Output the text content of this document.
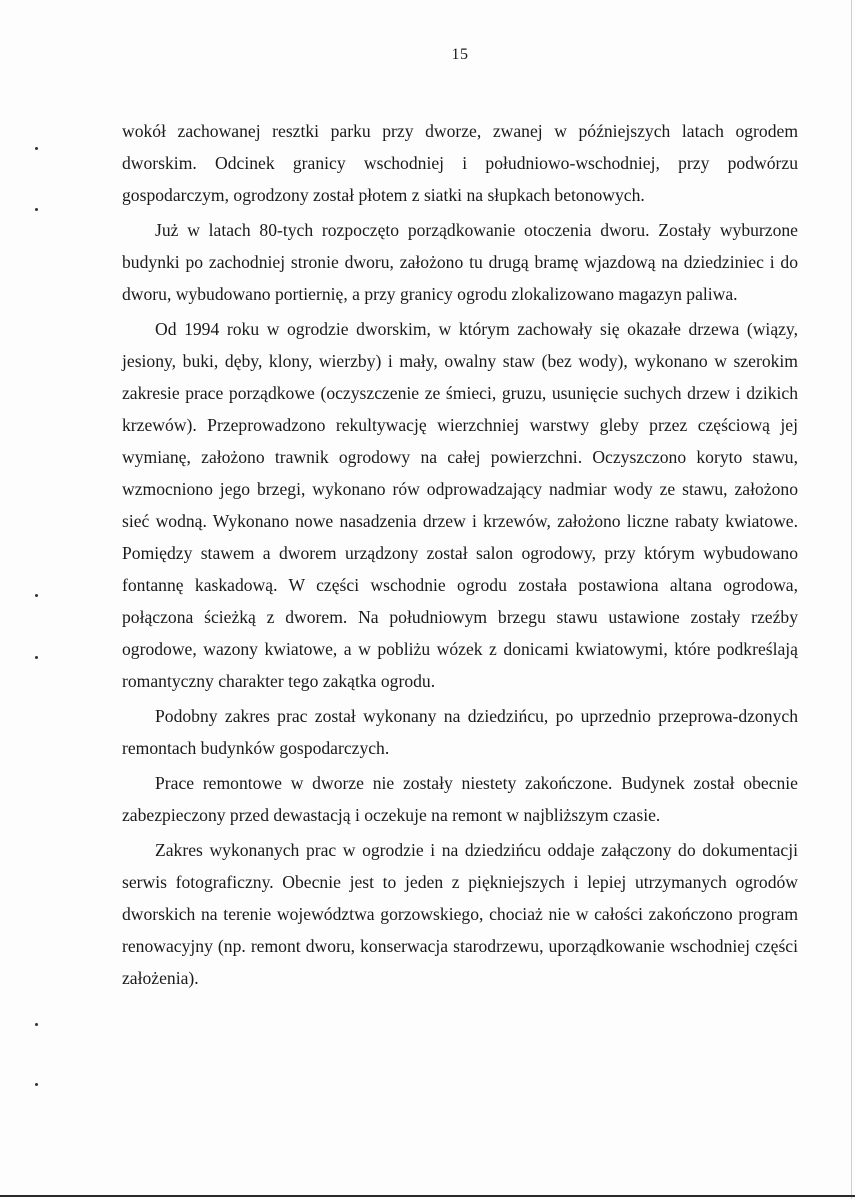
15

wokół zachowanej resztki parku przy dworze, zwanej w późniejszych latach ogrodem dworskim. Odcinek granicy wschodniej i południowo-wschodniej, przy podwórzu gospodarczym, ogrodzony został płotem z siatki na słupkach betonowych.

Już w latach 80-tych rozpoczęto porządkowanie otoczenia dworu. Zostały wyburzone budynki po zachodniej stronie dworu, założono tu drugą bramę wjazdową na dziedziniec i do dworu, wybudowano portiernię, a przy granicy ogrodu zlokalizowano magazyn paliwa.

Od 1994 roku w ogrodzie dworskim, w którym zachowały się okazałe drzewa (wiązy, jesiony, buki, dęby, klony, wierzby) i mały, owalny staw (bez wody), wykonano w szerokim zakresie prace porządkowe (oczyszczenie ze śmieci, gruzu, usunięcie suchych drzew i dzikich krzewów). Przeprowadzono rekultywację wierzchniej warstwy gleby przez częściową jej wymianę, założono trawnik ogrodowy na całej powierzchni. Oczyszczono koryto stawu, wzmocniono jego brzegi, wykonano rów odprowadzający nadmiar wody ze stawu, założono sieć wodną. Wykonano nowe nasadzenia drzew i krzewów, założono liczne rabaty kwiatowe. Pomiędzy stawem a dworem urządzony został salon ogrodowy, przy którym wybudowano fontannę kaskadową. W części wschodnie ogrodu została postawiona altana ogrodowa, połączona ścieżką z dworem. Na południowym brzegu stawu ustawione zostały rzeźby ogrodowe, wazony kwiatowe, a w pobliżu wózek z donicami kwiatowymi, które podkreślają romantyczny charakter tego zakątka ogrodu.

Podobny zakres prac został wykonany na dziedzińcu, po uprzednio przeprowa-dzonych remontach budynków gospodarczych.

Prace remontowe w dworze nie zostały niestety zakończone. Budynek został obecnie zabezpieczony przed dewastacją i oczekuje na remont w najbliższym czasie.

Zakres wykonanych prac w ogrodzie i na dziedzińcu oddaje załączony do dokumentacji serwis fotograficzny. Obecnie jest to jeden z piękniejszych i lepiej utrzymanych ogrodów dworskich na terenie województwa gorzowskiego, chociaż nie w całości zakończono program renowacyjny (np. remont dworu, konserwacja starodrzewu, uporządkowanie wschodniej części założenia).
